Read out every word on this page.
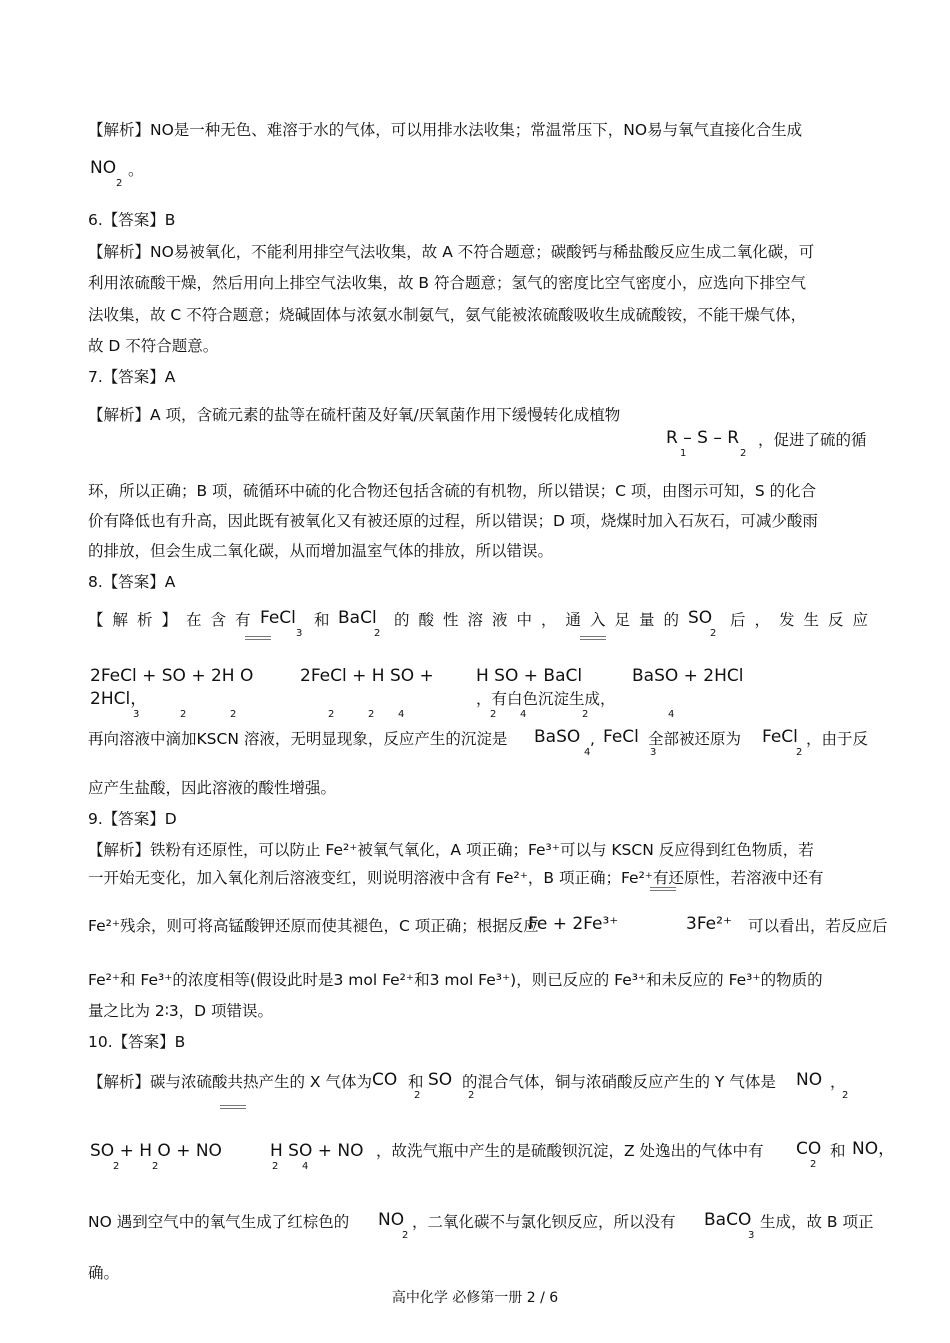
【解析】NO是一种无色、难溶于水的气体，可以用排水法收集；常温常压下，NO易与氧气直接化合生成
NO
2
。
6.【答案】B
【解析】NO易被氧化，不能利用排空气法收集，故 A 不符合题意；碳酸钙与稀盐酸反应生成二氧化碳，可
利用浓硫酸干燥，然后用向上排空气法收集，故 B 符合题意；氢气的密度比空气密度小，应选向下排空气
法收集，故 C 不符合题意；烧碱固体与浓氨水制氨气，氨气能被浓硫酸吸收生成硫酸铵，不能干燥气体，
故 D 不符合题意。
7.【答案】A
【解析】A 项，含硫元素的盐等在硫杆菌及好氧/厌氧菌作用下缓慢转化成植物
R – S – R
1	2
，促进了硫的循
环，所以正确；B 项，硫循环中硫的化合物还包括含硫的有机物，所以错误；C 项，由图示可知，S 的化合
价有降低也有升高，因此既有被氧化又有被还原的过程，所以错误；D 项，烧煤时加入石灰石，可减少酸雨
的排放，但会生成二氧化碳，从而增加温室气体的排放，所以错误。
8.【答案】A
【解析】在含有 FeCl
3
和 BaCl
2
的酸性溶液中，通入足量的 SO
2
后，发生反应
2FeCl + SO + 2H O	2FeCl + H SO + H SO + BaCl	BaSO + 2HCl
2HCl，	，有白色沉淀生成，
3	2	2	2	2 4	2 4	2	4
再向溶液中滴加KSCN 溶液，无明显现象，反应产生的沉淀是 BaSO
4
, FeCl
3
全部被还原为 FeCl
2
，由于反
应产生盐酸，因此溶液的酸性增强。
9.【答案】D
【解析】铁粉有还原性，可以防止 Fe²⁺被氧气氧化，A 项正确；Fe³⁺可以与 KSCN 反应得到红色物质，若
一开始无变化，加入氧化剂后溶液变红，则说明溶液中含有 Fe²⁺，B 项正确；Fe²⁺有还原性，若溶液中还有
Fe²⁺残余，则可将高锰酸钾还原而使其褪色，C 项正确；根据反应
Fe + 2Fe³⁺	3Fe²⁺ 可以看出，若反应后
Fe²⁺和 Fe³⁺的浓度相等(假设此时是3 mol Fe²⁺和3 mol Fe³⁺)，则已反应的 Fe³⁺和未反应的 Fe³⁺的物质的
量之比为 2∶3，D 项错误。
10.【答案】B
【解析】碳与浓硫酸共热产生的 X 气体为 CO
2
和 SO
2
的混合气体，铜与浓硝酸反应产生的 Y 气体是 NO
2
，
SO + H O + NO
2	2
H SO + NO
2 4
，故洗气瓶中产生的是硫酸钡沉淀，Z 处逸出的气体中有 CO
2
和 NO，
NO 遇到空气中的氧气生成了红棕色的 NO
2
，二氧化碳不与氯化钡反应，所以没有 BaCO
3
生成，故 B 项正
确。
高中化学 必修第一册 2 / 6
